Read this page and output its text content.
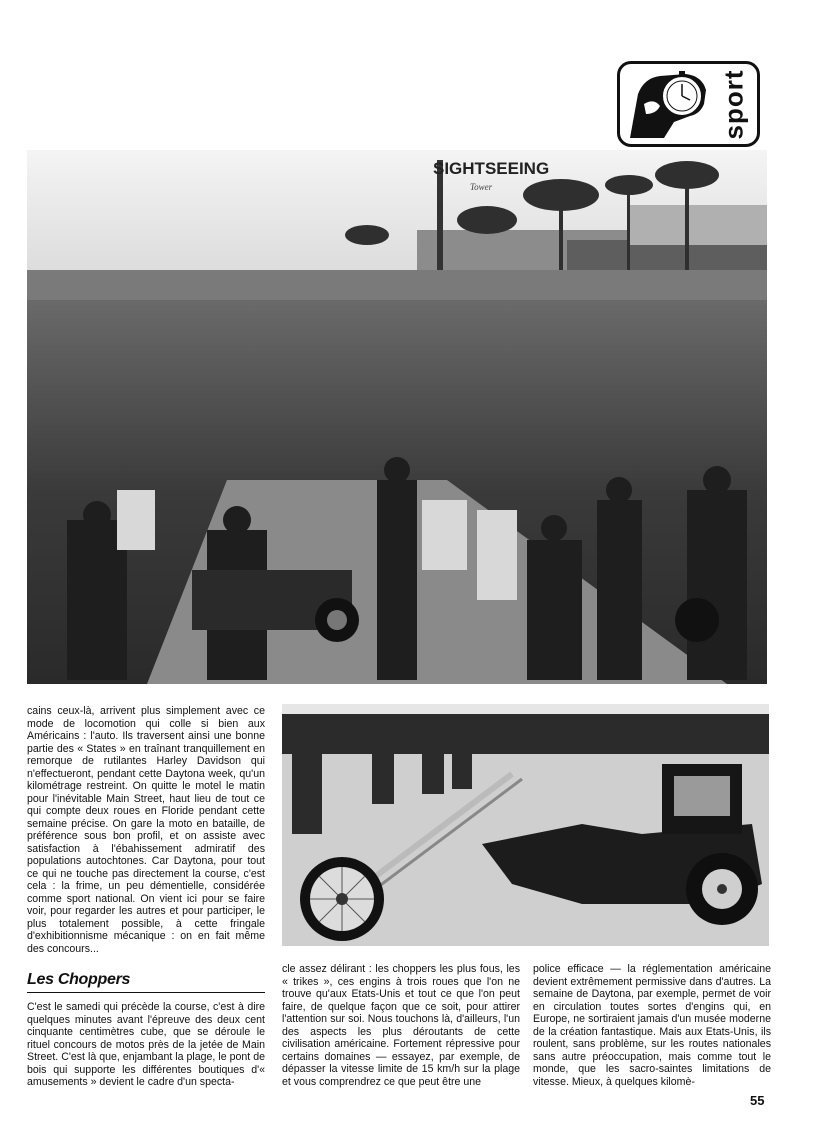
sport
SIGHTSEEING
Tower

cains ceux-là, arrivent plus simplement avec ce mode de locomotion qui colle si bien aux Américains : l'auto. Ils traversent ainsi une bonne partie des « States » en traînant tranquillement en remorque de rutilantes Harley Davidson qui n'effectueront, pendant cette Daytona week, qu'un kilométrage restreint. On quitte le motel le matin pour l'inévitable Main Street, haut lieu de tout ce qui compte deux roues en Floride pendant cette semaine précise. On gare la moto en bataille, de préférence sous bon profil, et on assiste avec satisfaction à l'ébahissement admiratif des populations autochtones. Car Daytona, pour tout ce qui ne touche pas directement la course, c'est cela : la frime, un peu démentielle, considérée comme sport national. On vient ici pour se faire voir, pour regarder les autres et pour participer, le plus totalement possible, à cette fringale d'exhibitionnisme mécanique : on en fait même des concours...

Les Choppers

C'est le samedi qui précède la course, c'est à dire quelques minutes avant l'épreuve des deux cent cinquante centimètres cube, que se déroule le rituel concours de motos près de la jetée de Main Street. C'est là que, enjambant la plage, le pont de bois qui supporte les différentes boutiques d'« amusements » devient le cadre d'un specta-

cle assez délirant : les choppers les plus fous, les « trikes », ces engins à trois roues que l'on ne trouve qu'aux Etats-Unis et tout ce que l'on peut faire, de quelque façon que ce soit, pour attirer l'attention sur soi. Nous touchons là, d'ailleurs, l'un des aspects les plus déroutants de cette civilisation américaine. Fortement répressive pour certains domaines — essayez, par exemple, de dépasser la vitesse limite de 15 km/h sur la plage et vous comprendrez ce que peut être une

police efficace — la réglementation américaine devient extrêmement permissive dans d'autres. La semaine de Daytona, par exemple, permet de voir en circulation toutes sortes d'engins qui, en Europe, ne sortiraient jamais d'un musée moderne de la création fantastique. Mais aux Etats-Unis, ils roulent, sans problème, sur les routes nationales sans autre préoccupation, mais comme tout le monde, que les sacro-saintes limitations de vitesse. Mieux, à quelques kilomè-

55
